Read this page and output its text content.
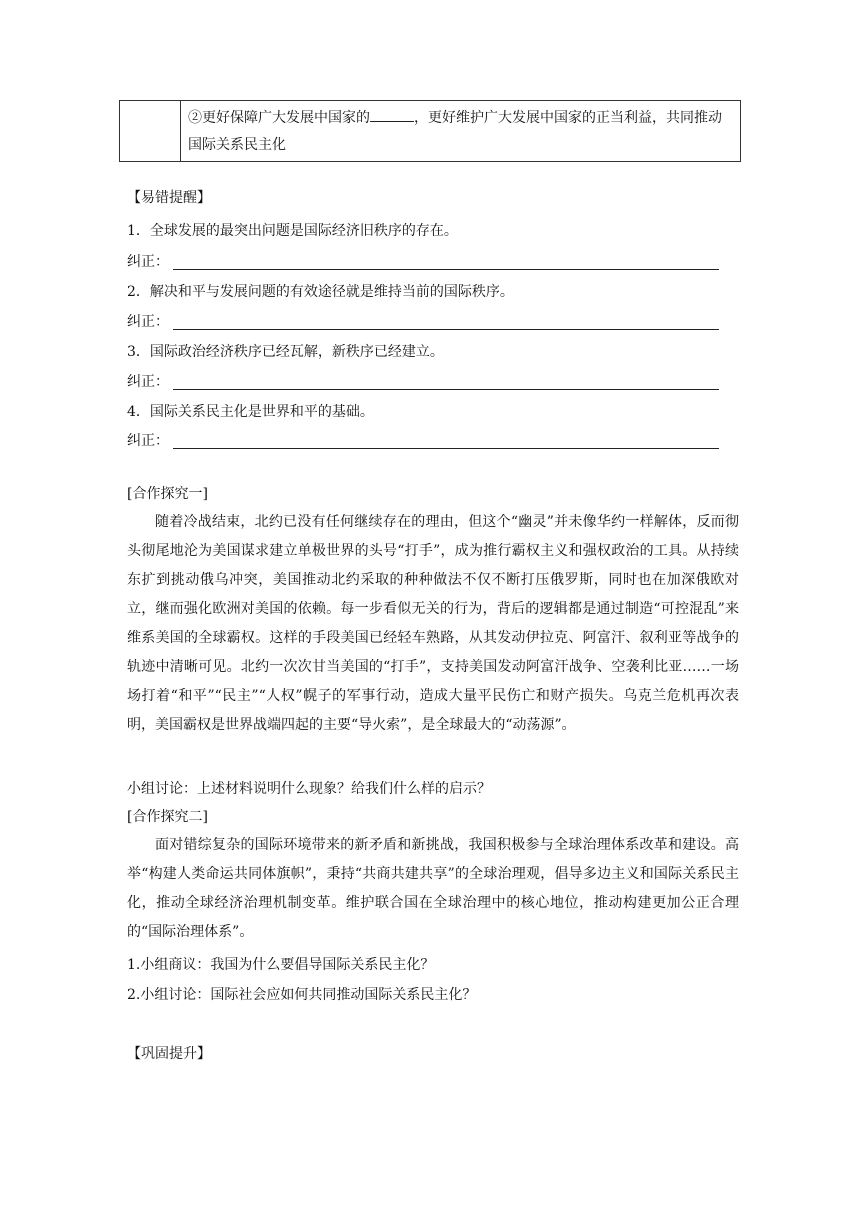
②更好保障广大发展中国家的	，更好维护广大发展中国家的正当利益，共同推动国际关系民主化
【易错提醒】
1．全球发展的最突出问题是国际经济旧秩序的存在。
纠正：
2．解决和平与发展问题的有效途径就是维持当前的国际秩序。
纠正：
3．国际政治经济秩序已经瓦解，新秩序已经建立。
纠正：
4．国际关系民主化是世界和平的基础。
纠正：
[合作探究一]
随着冷战结束，北约已没有任何继续存在的理由，但这个“幽灵”并未像华约一样解体，反而彻头彻尾地沦为美国谋求建立单极世界的头号“打手”，成为推行霸权主义和强权政治的工具。从持续东扩到挑动俄乌冲突，美国推动北约采取的种种做法不仅不断打压俄罗斯，同时也在加深俄欧对立，继而强化欧洲对美国的依赖。每一步看似无关的行为，背后的逻辑都是通过制造“可控混乱”来维系美国的全球霸权。这样的手段美国已经轻车熟路，从其发动伊拉克、阿富汗、叙利亚等战争的轨迹中清晰可见。北约一次次甘当美国的“打手”，支持美国发动阿富汗战争、空袭利比亚……一场场打着“和平”“民主”“人权”幌子的军事行动，造成大量平民伤亡和财产损失。乌克兰危机再次表明，美国霸权是世界战端四起的主要“导火索”，是全球最大的“动荡源”。
小组讨论：上述材料说明什么现象？给我们什么样的启示？
[合作探究二]
面对错综复杂的国际环境带来的新矛盾和新挑战，我国积极参与全球治理体系改革和建设。高举“构建人类命运共同体旗帜”，秉持“共商共建共享”的全球治理观，倡导多边主义和国际关系民主化，推动全球经济治理机制变革。维护联合国在全球治理中的核心地位，推动构建更加公正合理的“国际治理体系”。
1.小组商议：我国为什么要倡导国际关系民主化？
2.小组讨论：国际社会应如何共同推动国际关系民主化？
【巩固提升】
